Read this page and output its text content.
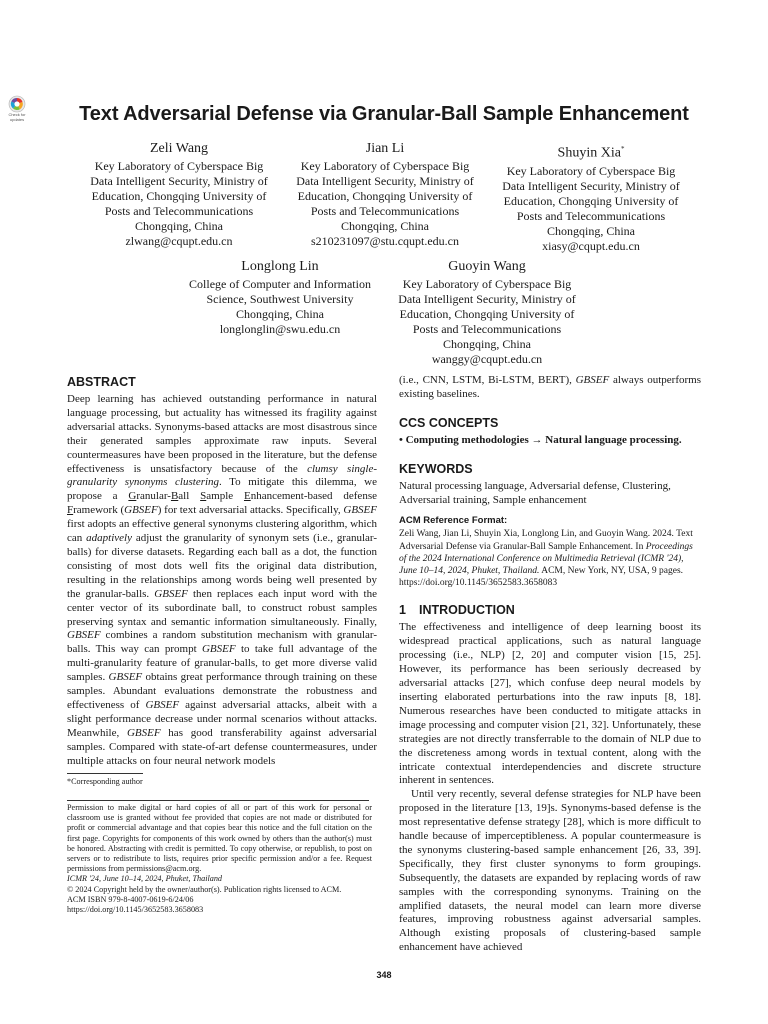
Check for
updates	Text Adversarial Defense via Granular-Ball Sample Enhancement
Zeli Wang
Key Laboratory of Cyberspace Big
Data Intelligent Security, Ministry of
Education, Chongqing University of
Posts and Telecommunications
Chongqing, China
zlwang@cqupt.edu.cn
Jian Li
Key Laboratory of Cyberspace Big
Data Intelligent Security, Ministry of
Education, Chongqing University of
Posts and Telecommunications
Chongqing, China
s210231097@stu.cqupt.edu.cn
Shuyin Xia*
Key Laboratory of Cyberspace Big
Data Intelligent Security, Ministry of
Education, Chongqing University of
Posts and Telecommunications
Chongqing, China
xiasy@cqupt.edu.cn
Longlong Lin
College of Computer and Information
Science, Southwest University
Chongqing, China
longlonglin@swu.edu.cn
Guoyin Wang
Key Laboratory of Cyberspace Big
Data Intelligent Security, Ministry of
Education, Chongqing University of
Posts and Telecommunications
Chongqing, China
wanggy@cqupt.edu.cn
ABSTRACT

Deep learning has achieved outstanding performance in natural language processing, but actuality has witnessed its fragility against adversarial attacks. Synonyms-based attacks are most disastrous since their generated samples approximate raw inputs. Several countermeasures have been proposed in the literature, but the defense effectiveness is unsatisfactory because of the clumsy single-granularity synonyms clustering. To mitigate this dilemma, we propose a Granular-Ball Sample Enhancement-based defense Framework (GBSEF) for text adversarial attacks. Specifically, GBSEF first adopts an effective general synonyms clustering algorithm, which can adaptively adjust the granularity of synonym sets (i.e., granular-balls) for diverse datasets. Regarding each ball as a dot, the function consisting of most dots well fits the original data distribution, resulting in the relationships among words being well presented by the granular-balls. GBSEF then replaces each input word with the center vector of its subordinate ball, to construct robust samples preserving syntax and semantic information simultaneously. Finally, GBSEF combines a random substitution mechanism with granular-balls. This way can prompt GBSEF to take full advantage of the multi-granularity feature of granular-balls, to get more diverse valid samples. GBSEF obtains great performance through training on these samples. Abundant evaluations demonstrate the robustness and effectiveness of GBSEF against adversarial attacks, albeit with a slight performance decrease under normal scenarios without attacks. Meanwhile, GBSEF has good transferability against adversarial samples. Compared with state-of-art defense countermeasures, under multiple attacks on four neural network models

*Corresponding author

Permission to make digital or hard copies of all or part of this work for personal or classroom use is granted without fee provided that copies are not made or distributed for profit or commercial advantage and that copies bear this notice and the full citation on the first page. Copyrights for components of this work owned by others than the author(s) must be honored. Abstracting with credit is permitted. To copy otherwise, or republish, to post on servers or to redistribute to lists, requires prior specific permission and/or a fee. Request permissions from permissions@acm.org.

ICMR '24, June 10–14, 2024, Phuket, Thailand

© 2024 Copyright held by the owner/author(s). Publication rights licensed to ACM.

ACM ISBN 979-8-4007-0619-6/24/06

https://doi.org/10.1145/3652583.3658083

(i.e., CNN, LSTM, Bi-LSTM, BERT), GBSEF always outperforms existing baselines.

CCS CONCEPTS

• Computing methodologies → Natural language processing.

KEYWORDS

Natural processing language, Adversarial defense, Clustering, Adversarial training, Sample enhancement

ACM Reference Format:

Zeli Wang, Jian Li, Shuyin Xia, Longlong Lin, and Guoyin Wang. 2024. Text Adversarial Defense via Granular-Ball Sample Enhancement. In Proceedings of the 2024 International Conference on Multimedia Retrieval (ICMR '24), June 10–14, 2024, Phuket, Thailand. ACM, New York, NY, USA, 9 pages. https://doi.org/10.1145/3652583.3658083

1 INTRODUCTION

The effectiveness and intelligence of deep learning boost its widespread practical applications, such as natural language processing (i.e., NLP) [2, 20] and computer vision [15, 25]. However, its performance has been seriously decreased by adversarial attacks [27], which confuse deep neural models by inserting elaborated perturbations into the raw inputs [8, 18]. Numerous researches have been conducted to mitigate attacks in image processing and computer vision [21, 32]. Unfortunately, these strategies are not directly transferrable to the domain of NLP due to the discreteness among words in textual content, along with the intricate contextual interdependencies and discrete structure inherent in sentences.

Until very recently, several defense strategies for NLP have been proposed in the literature [13, 19]s. Synonyms-based defense is the most representative defense strategy [28], which is more difficult to handle because of imperceptibleness. A popular countermeasure is the synonyms clustering-based sample enhancement [26, 33, 39]. Specifically, they first cluster synonyms to form groupings. Subsequently, the datasets are expanded by replacing words of raw samples with the corresponding synonyms. Training on the amplified datasets, the neural model can learn more diverse features, improving robustness against adversarial samples. Although existing proposals of clustering-based sample enhancement have achieved

348
